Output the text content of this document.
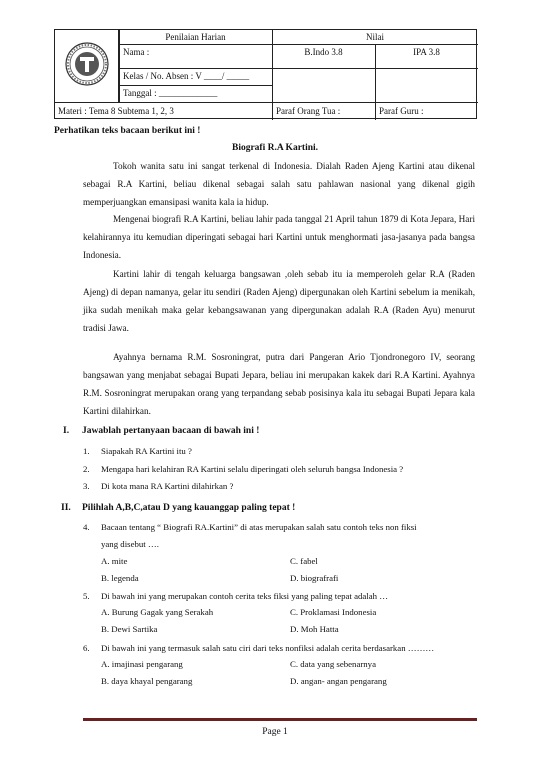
Penilaian Harian	Nilai
Nama :	B.Indo 3.8	IPA 3.8
Kelas / No. Absen : V ____/ _____
Tanggal : _____________
Materi : Tema 8 Subtema 1, 2, 3	Paraf Orang Tua :	Paraf Guru :
Perhatikan teks bacaan berikut ini !
Biografi R.A Kartini.
Tokoh wanita satu ini sangat terkenal di Indonesia. Dialah Raden Ajeng Kartini atau dikenal sebagai R.A Kartini, beliau dikenal sebagai salah satu pahlawan nasional yang dikenal gigih memperjuangkan emansipasi wanita kala ia hidup.
Mengenai biografi R.A Kartini, beliau lahir pada tanggal 21 April tahun 1879 di Kota Jepara, Hari kelahirannya itu kemudian diperingati sebagai hari Kartini untuk menghormati jasa-jasanya pada bangsa Indonesia.
Kartini lahir di tengah keluarga bangsawan ,oleh sebab itu ia memperoleh gelar R.A (Raden Ajeng) di depan namanya, gelar itu sendiri (Raden Ajeng) dipergunakan oleh Kartini sebelum ia menikah, jika sudah menikah maka gelar kebangsawanan yang dipergunakan adalah R.A (Raden Ayu) menurut tradisi Jawa.
Ayahnya bernama R.M. Sosroningrat, putra dari Pangeran Ario Tjondronegoro IV, seorang bangsawan yang menjabat sebagai Bupati Jepara, beliau ini merupakan kakek dari R.A Kartini. Ayahnya R.M. Sosroningrat merupakan orang yang terpandang sebab posisinya kala itu sebagai Bupati Jepara kala Kartini dilahirkan.
I. Jawablah pertanyaan bacaan di bawah ini !
1. Siapakah RA Kartini itu ?
2. Mengapa hari kelahiran RA Kartini selalu diperingati oleh seluruh bangsa Indonesia ?
3. Di kota mana RA Kartini dilahirkan ?
II. Pilihlah A,B,C,atau D yang kauanggap paling tepat !
4. Bacaan tentang “ Biografi RA.Kartini” di atas merupakan salah satu contoh teks non fiksi
yang disebut ….
A. mite	C. fabel
B. legenda	D. biografrafi
5. Di bawah ini yang merupakan contoh cerita teks fiksi yang paling tepat adalah …
A. Burung Gagak yang Serakah	C. Proklamasi Indonesia
B. Dewi Sartika	D. Moh Hatta
6. Di bawah ini yang termasuk salah satu ciri dari teks nonfiksi adalah cerita berdasarkan ………
A. imajinasi pengarang	C. data yang sebenarnya
B. daya khayal pengarang	D. angan- angan pengarang
Page 1
